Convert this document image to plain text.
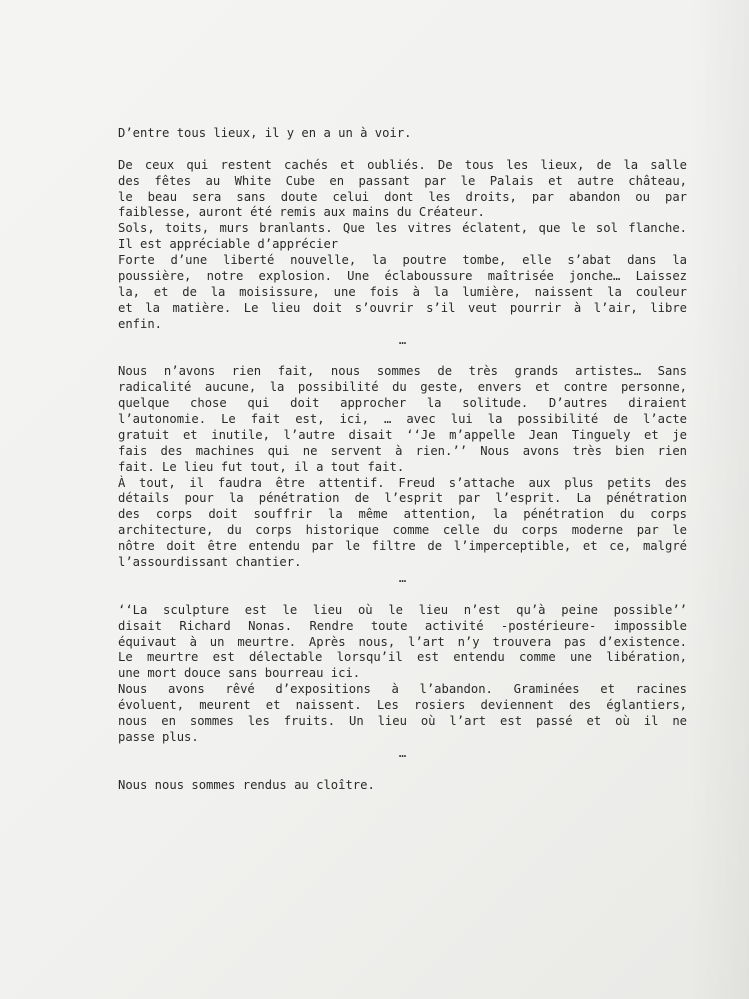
D’entre tous lieux, il y en a un à voir.
De ceux qui restent cachés et oubliés. De tous les lieux, de la salle
des fêtes au White Cube en passant par le Palais et autre château,
le beau sera sans doute celui dont les droits, par abandon ou par
faiblesse, auront été remis aux mains du Créateur.
Sols, toits, murs branlants. Que les vitres éclatent, que le sol flanche.
Il est appréciable d’apprécier
Forte d’une liberté nouvelle, la poutre tombe, elle s’abat dans la
poussière, notre explosion. Une éclaboussure maîtrisée jonche… Laissez
la, et de la moisissure, une fois à la lumière, naissent la couleur
et la matière. Le lieu doit s’ouvrir s’il veut pourrir à l’air, libre
enfin.
…
Nous n’avons rien fait, nous sommes de très grands artistes… Sans
radicalité aucune, la possibilité du geste, envers et contre personne,
quelque chose qui doit approcher la solitude. D’autres diraient
l’autonomie. Le fait est, ici, … avec lui la possibilité de l’acte
gratuit et inutile, l’autre disait ‘‘Je m’appelle Jean Tinguely et je
fais des machines qui ne servent à rien.’’ Nous avons très bien rien
fait. Le lieu fut tout, il a tout fait.
À tout, il faudra être attentif. Freud s’attache aux plus petits des
détails pour la pénétration de l’esprit par l’esprit. La pénétration
des corps doit souffrir la même attention, la pénétration du corps
architecture, du corps historique comme celle du corps moderne par le
nôtre doit être entendu par le filtre de l’imperceptible, et ce, malgré
l’assourdissant chantier.
…
‘‘La sculpture est le lieu où le lieu n’est qu’à peine possible’’
disait Richard Nonas. Rendre toute activité -postérieure- impossible
équivaut à un meurtre. Après nous, l’art n’y trouvera pas d’existence.
Le meurtre est délectable lorsqu’il est entendu comme une libération,
une mort douce sans bourreau ici.
Nous avons rêvé d’expositions à l’abandon. Graminées et racines
évoluent, meurent et naissent. Les rosiers deviennent des églantiers,
nous en sommes les fruits. Un lieu où l’art est passé et où il ne
passe plus.
…
Nous nous sommes rendus au cloître.
